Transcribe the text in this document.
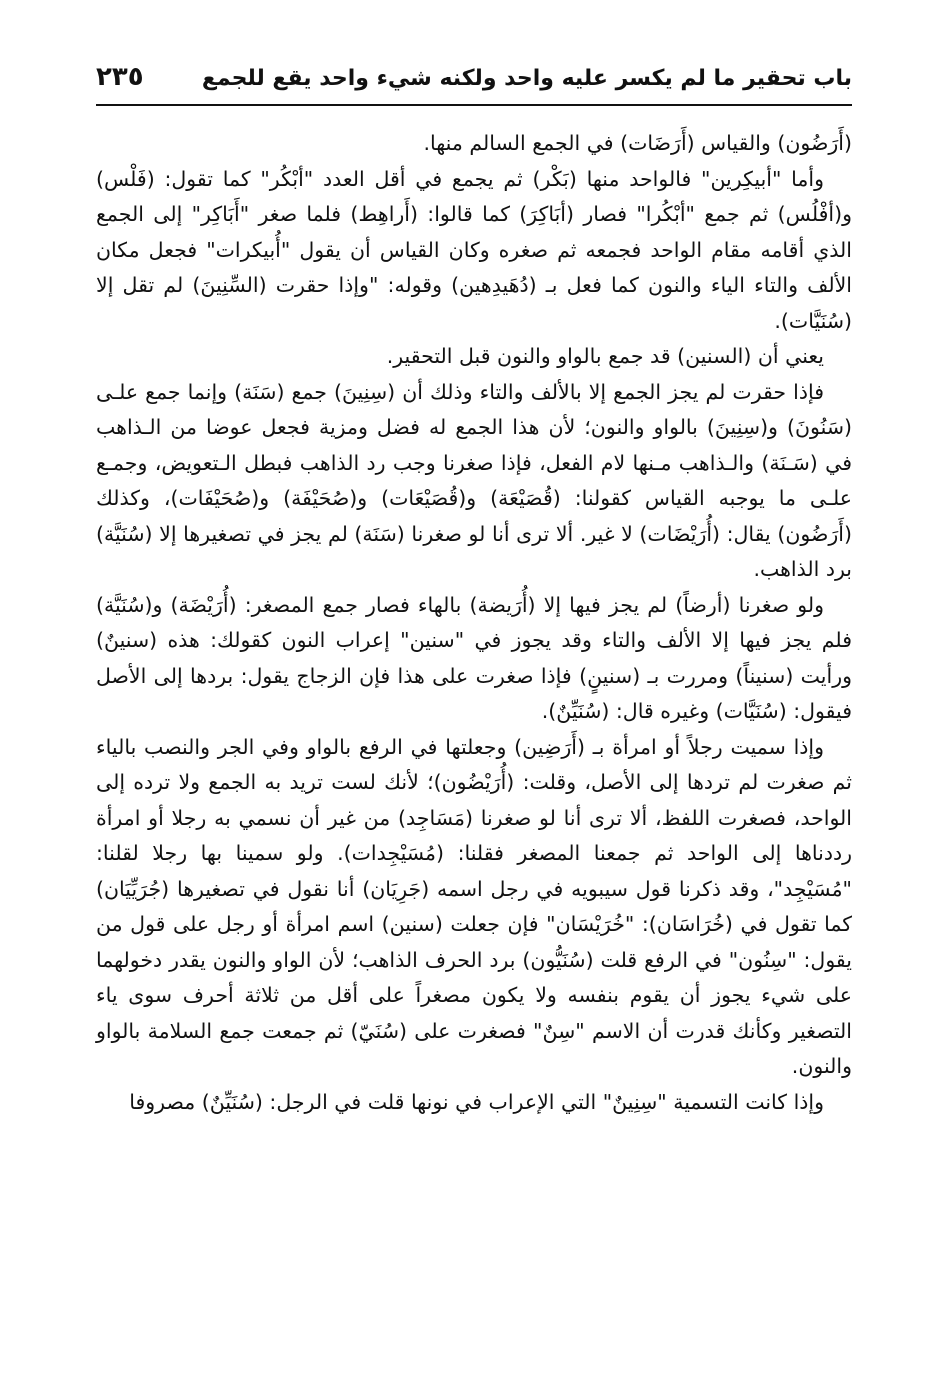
باب تحقير ما لم يكسر عليه واحد ولكنه شيء واحد يقع للجمع
٢٣٥

(أَرَضُون) والقياس (أَرَضَات) في الجمع السالم منها.

وأما "أبيكِرين" فالواحد منها (بَكْر) ثم يجمع في أقل العدد "أبْكُر" كما تقول: (فَلْس) و(أفْلُس) ثم جمع "أبْكُرا" فصار (أبَاكِرَ) كما قالوا: (أَراهِط) فلما صغر "أَبَاكِر" إلى الجمع الذي أقامه مقام الواحد فجمعه ثم صغره وكان القياس أن يقول "أُبيكرات" فجعل مكان الألف والتاء الياء والنون كما فعل بـ (دُهَيدِهين) وقوله: "وإذا حقرت (السِّنِينَ) لم تقل إلا (سُنَيَّات).

يعني أن (السنين) قد جمع بالواو والنون قبل التحقير.

فإذا حقرت لم يجز الجمع إلا بالألف والتاء وذلك أن (سِنِينَ) جمع (سَنَة) وإنما جمع علـى (سَنُونَ) و(سِنِينَ) بالواو والنون؛ لأن هذا الجمع له فضل ومزية فجعل عوضا من الـذاهب في (سَـنَة) والـذاهب مـنها لام الفعل، فإذا صغرنا وجب رد الذاهب فبطل الـتعويض، وجمـع علـى ما يوجبه القياس كقولنا: (قُصَيْعَة) و(قُصَيْعَات) و(صُحَيْفَة) و(صُحَيْفَات)، وكذلك (أَرَضُون) يقال: (أُرَيْضَات) لا غير. ألا ترى أنا لو صغرنا (سَنَة) لم يجز في تصغيرها إلا (سُنَيَّة) برد الذاهب.

ولو صغرنا (أرضاً) لم يجز فيها إلا (أُرَيضة) بالهاء فصار جمع المصغر: (أُرَيْضَة) و(سُنَيَّة) فلم يجز فيها إلا الألف والتاء وقد يجوز في "سنين" إعراب النون كقولك: هذه (سنينٌ) ورأيت (سنيناً) ومررت بـ (سنينٍ) فإذا صغرت على هذا فإن الزجاج يقول: بردها إلى الأصل فيقول: (سُنَيَّات) وغيره قال: (سُنَيِّنٌ).

وإذا سميت رجلاً أو امرأة بـ (أَرَضِين) وجعلتها في الرفع بالواو وفي الجر والنصب بالياء ثم صغرت لم تردها إلى الأصل، وقلت: (أُرَيْضُون)؛ لأنك لست تريد به الجمع ولا ترده إلى الواحد، فصغرت اللفظ، ألا ترى أنا لو صغرنا (مَسَاجِد) من غير أن نسمي به رجلا أو امرأة رددناها إلى الواحد ثم جمعنا المصغر فقلنا: (مُسَيْجِدات). ولو سمينا بها رجلا لقلنا: "مُسَيْجِد"، وقد ذكرنا قول سيبويه في رجل اسمه (جَرِيَان) أنا نقول في تصغيرها (جُرَيِّيَان) كما تقول في (خُرَاسَان): "خُرَيْسَان" فإن جعلت (سنين) اسم امرأة أو رجل على قول من يقول: "سِنُون" في الرفع قلت (سُنَيُّون) برد الحرف الذاهب؛ لأن الواو والنون يقدر دخولهما على شيء يجوز أن يقوم بنفسه ولا يكون مصغراً على أقل من ثلاثة أحرف سوى ياء التصغير وكأنك قدرت أن الاسم "سِنٌ" فصغرت على (سُنَيّ) ثم جمعت جمع السلامة بالواو والنون.

وإذا كانت التسمية "سِنِينٌ" التي الإعراب في نونها قلت في الرجل: (سُنَيِّنٌ) مصروفا
